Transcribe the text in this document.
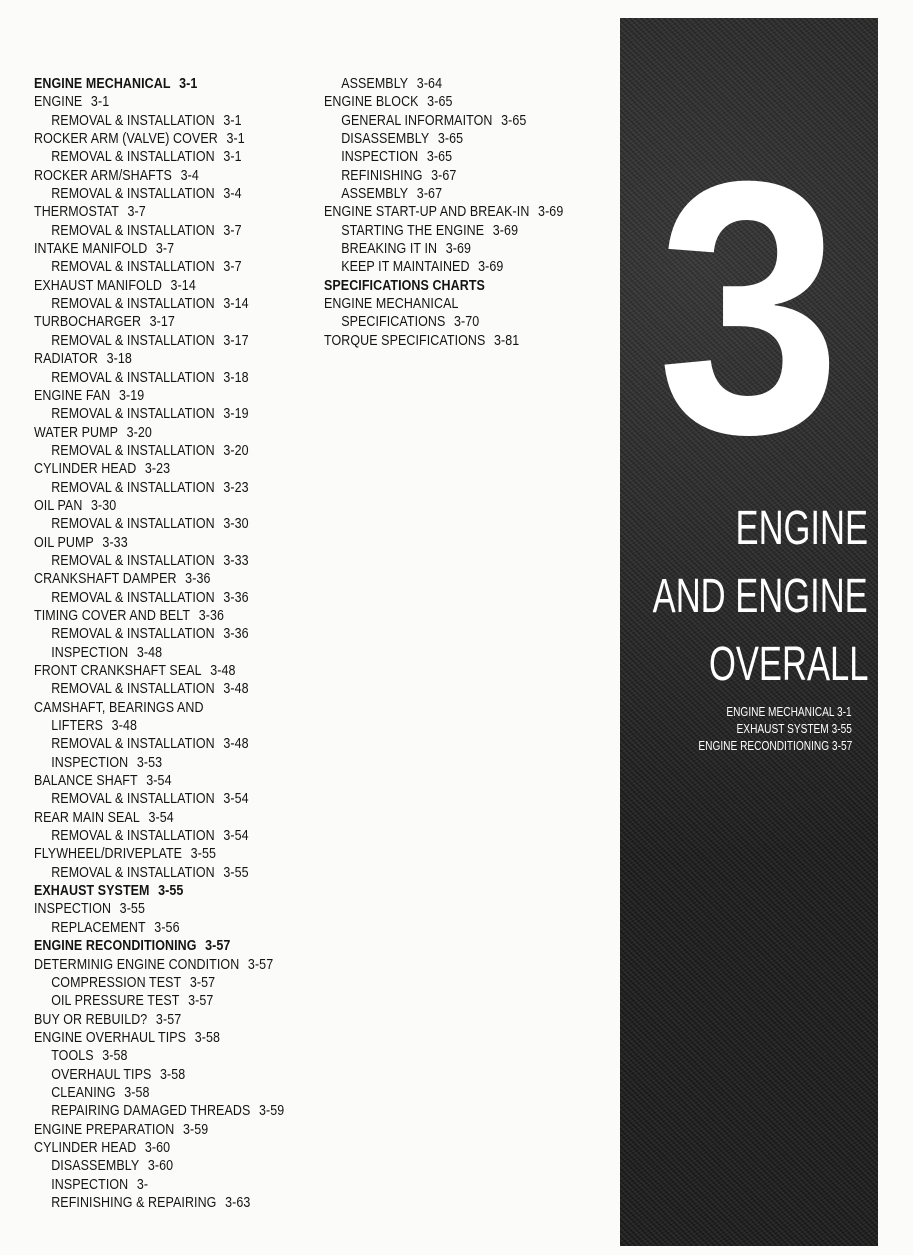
ENGINE MECHANICAL 3-1
ENGINE 3-1
REMOVAL & INSTALLATION 3-1
ROCKER ARM (VALVE) COVER 3-1
REMOVAL & INSTALLATION 3-1
ROCKER ARM/SHAFTS 3-4
REMOVAL & INSTALLATION 3-4
THERMOSTAT 3-7
REMOVAL & INSTALLATION 3-7
INTAKE MANIFOLD 3-7
REMOVAL & INSTALLATION 3-7
EXHAUST MANIFOLD 3-14
REMOVAL & INSTALLATION 3-14
TURBOCHARGER 3-17
REMOVAL & INSTALLATION 3-17
RADIATOR 3-18
REMOVAL & INSTALLATION 3-18
ENGINE FAN 3-19
REMOVAL & INSTALLATION 3-19
WATER PUMP 3-20
REMOVAL & INSTALLATION 3-20
CYLINDER HEAD 3-23
REMOVAL & INSTALLATION 3-23
OIL PAN 3-30
REMOVAL & INSTALLATION 3-30
OIL PUMP 3-33
REMOVAL & INSTALLATION 3-33
CRANKSHAFT DAMPER 3-36
REMOVAL & INSTALLATION 3-36
TIMING COVER AND BELT 3-36
REMOVAL & INSTALLATION 3-36
INSPECTION 3-48
FRONT CRANKSHAFT SEAL 3-48
REMOVAL & INSTALLATION 3-48
CAMSHAFT, BEARINGS AND
LIFTERS 3-48
REMOVAL & INSTALLATION 3-48
INSPECTION 3-53
BALANCE SHAFT 3-54
REMOVAL & INSTALLATION 3-54
REAR MAIN SEAL 3-54
REMOVAL & INSTALLATION 3-54
FLYWHEEL/DRIVEPLATE 3-55
REMOVAL & INSTALLATION 3-55
EXHAUST SYSTEM 3-55
INSPECTION 3-55
REPLACEMENT 3-56
ENGINE RECONDITIONING 3-57
DETERMINIG ENGINE CONDITION 3-57
COMPRESSION TEST 3-57
OIL PRESSURE TEST 3-57
BUY OR REBUILD? 3-57
ENGINE OVERHAUL TIPS 3-58
TOOLS 3-58
OVERHAUL TIPS 3-58
CLEANING 3-58
REPAIRING DAMAGED THREADS 3-59
ENGINE PREPARATION 3-59
CYLINDER HEAD 3-60
DISASSEMBLY 3-60
INSPECTION 3-
REFINISHING & REPAIRING 3-63
ASSEMBLY 3-64
ENGINE BLOCK 3-65
GENERAL INFORMAITON 3-65
DISASSEMBLY 3-65
INSPECTION 3-65
REFINISHING 3-67
ASSEMBLY 3-67
ENGINE START-UP AND BREAK-IN 3-69
STARTING THE ENGINE 3-69
BREAKING IT IN 3-69
KEEP IT MAINTAINED 3-69
SPECIFICATIONS CHARTS
ENGINE MECHANICAL
SPECIFICATIONS 3-70
TORQUE SPECIFICATIONS 3-81 3
ENGINE
AND ENGINE
OVERALL
ENGINE MECHANICAL 3-1
EXHAUST SYSTEM 3-55
ENGINE RECONDITIONING 3-57
